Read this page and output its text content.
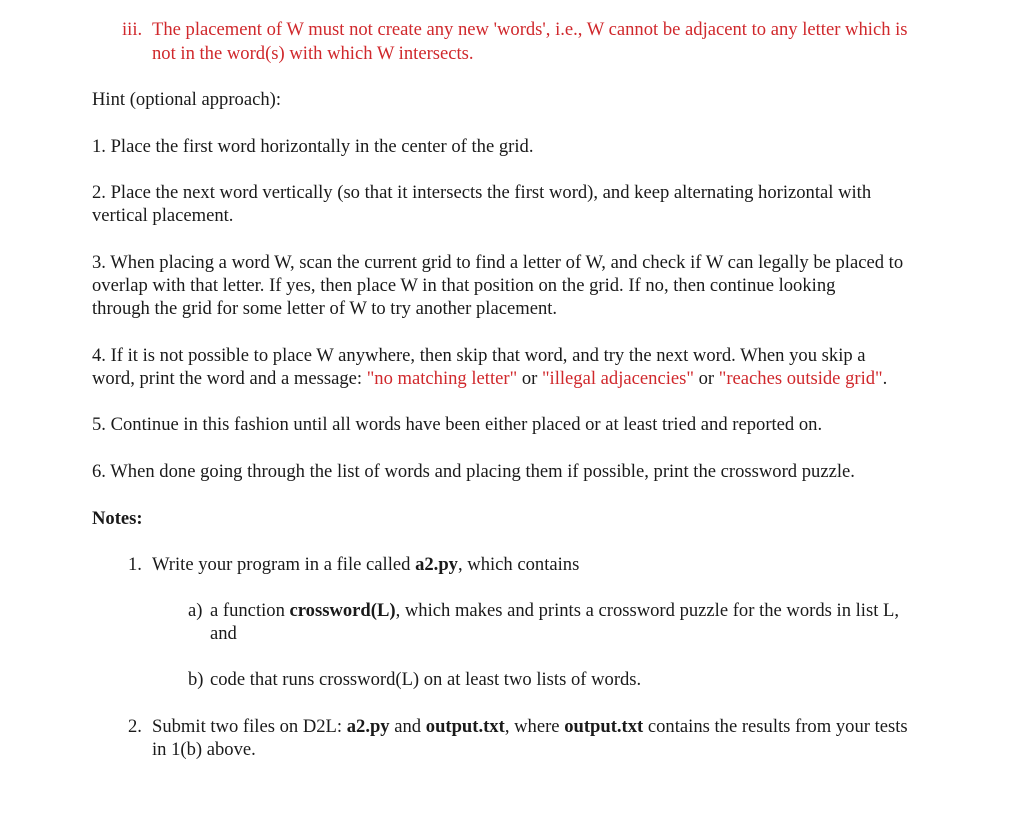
iii. The placement of W must not create any new 'words', i.e., W cannot be adjacent to any letter which is
not in the word(s) with which W intersects.
Hint (optional approach):
1. Place the first word horizontally in the center of the grid.
2. Place the next word vertically (so that it intersects the first word), and keep alternating horizontal with
vertical placement.
3. When placing a word W, scan the current grid to find a letter of W, and check if W can legally be placed to
overlap with that letter. If yes, then place W in that position on the grid. If no, then continue looking
through the grid for some letter of W to try another placement.
4. If it is not possible to place W anywhere, then skip that word, and try the next word. When you skip a
word, print the word and a message: "no matching letter" or "illegal adjacencies" or "reaches outside grid".
5. Continue in this fashion until all words have been either placed or at least tried and reported on.
6. When done going through the list of words and placing them if possible, print the crossword puzzle.
Notes:
1. Write your program in a file called a2.py, which contains
a) a function crossword(L), which makes and prints a crossword puzzle for the words in list L,
and
b) code that runs crossword(L) on at least two lists of words.
2. Submit two files on D2L: a2.py and output.txt, where output.txt contains the results from your tests
in 1(b) above.
